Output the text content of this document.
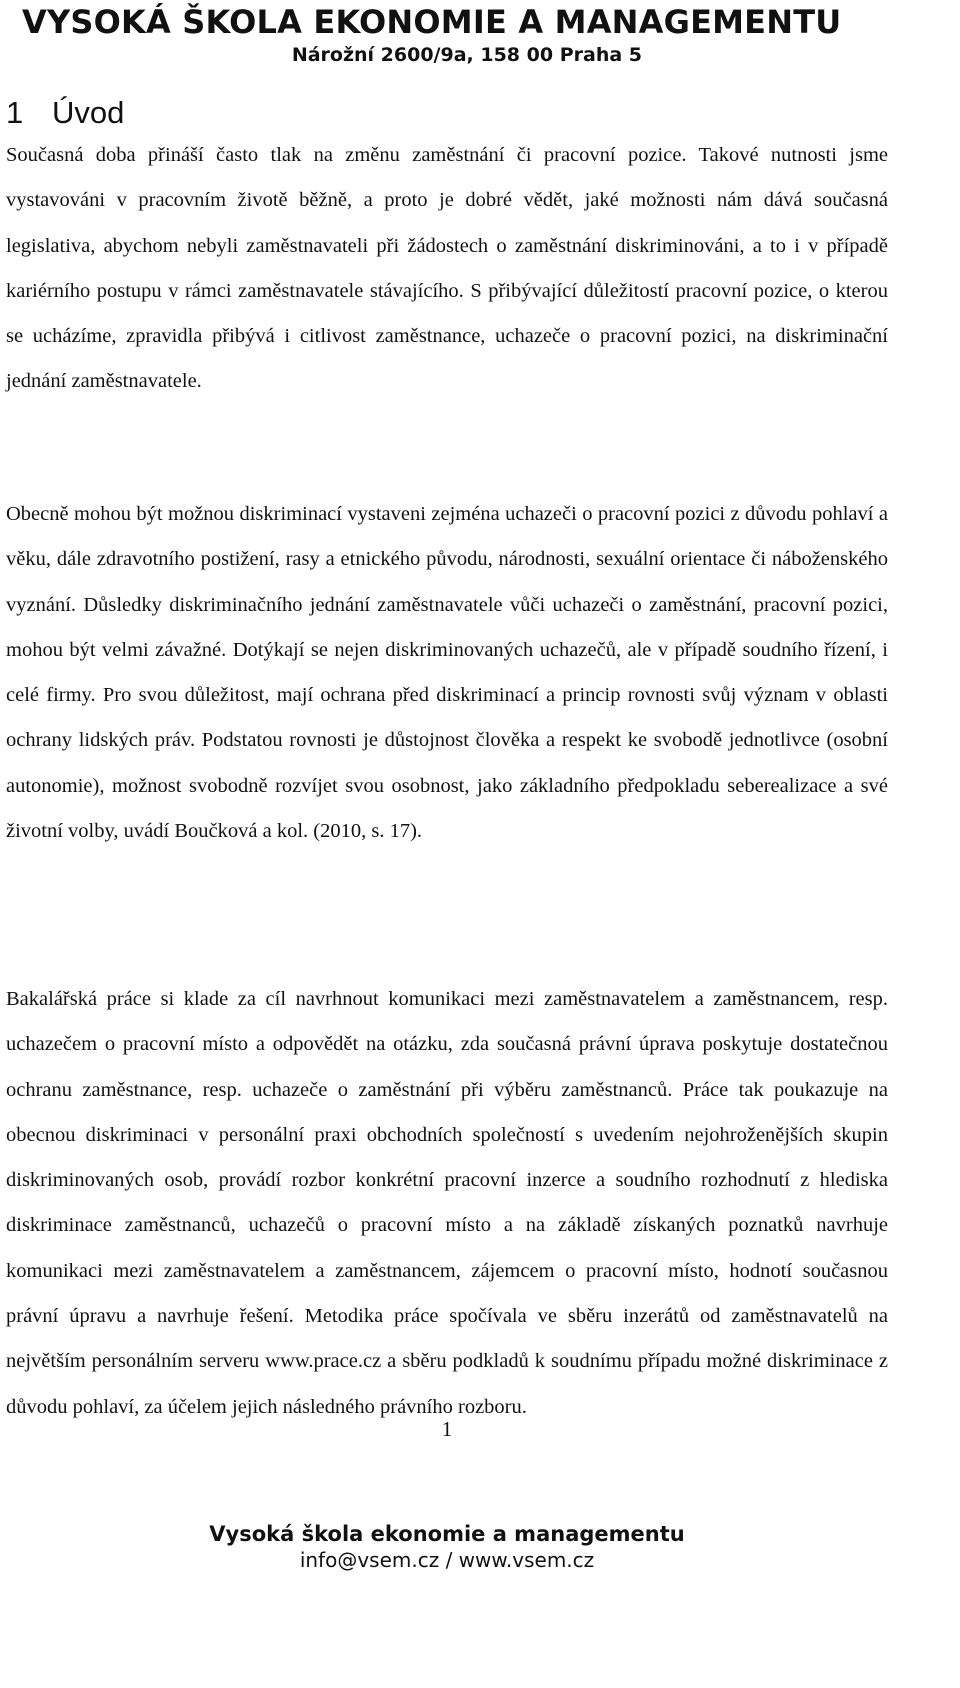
VYSOKÁ ŠKOLA EKONOMIE A MANAGEMENTU
Nárožní 2600/9a, 158 00 Praha 5
1 Úvod

Současná doba přináší často tlak na změnu zaměstnání či pracovní pozice. Takové nutnosti jsme vystavováni v pracovním životě běžně, a proto je dobré vědět, jaké možnosti nám dává současná legislativa, abychom nebyli zaměstnavateli při žádostech o zaměstnání diskriminováni, a to i v případě kariérního postupu v rámci zaměstnavatele stávajícího. S přibývající důležitostí pracovní pozice, o kterou se ucházíme, zpravidla přibývá i citlivost zaměstnance, uchazeče o pracovní pozici, na diskriminační jednání zaměstnavatele.

Obecně mohou být možnou diskriminací vystaveni zejména uchazeči o pracovní pozici z důvodu pohlaví a věku, dále zdravotního postižení, rasy a etnického původu, národnosti, sexuální orientace či náboženského vyznání. Důsledky diskriminačního jednání zaměstnavatele vůči uchazeči o zaměstnání, pracovní pozici, mohou být velmi závažné. Dotýkají se nejen diskriminovaných uchazečů, ale v případě soudního řízení, i celé firmy. Pro svou důležitost, mají ochrana před diskriminací a princip rovnosti svůj význam v oblasti ochrany lidských práv. Podstatou rovnosti je důstojnost člověka a respekt ke svobodě jednotlivce (osobní autonomie), možnost svobodně rozvíjet svou osobnost, jako základního předpokladu seberealizace a své životní volby, uvádí Boučková a kol. (2010, s. 17).

Bakalářská práce si klade za cíl navrhnout komunikaci mezi zaměstnavatelem a zaměstnancem, resp. uchazečem o pracovní místo a odpovědět na otázku, zda současná právní úprava poskytuje dostatečnou ochranu zaměstnance, resp. uchazeče o zaměstnání při výběru zaměstnanců. Práce tak poukazuje na obecnou diskriminaci v personální praxi obchodních společností s uvedením nejohroženějších skupin diskriminovaných osob, provádí rozbor konkrétní pracovní inzerce a soudního rozhodnutí z hlediska diskriminace zaměstnanců, uchazečů o pracovní místo a na základě získaných poznatků navrhuje komunikaci mezi zaměstnavatelem a zaměstnancem, zájemcem o pracovní místo, hodnotí současnou právní úpravu a navrhuje řešení. Metodika práce spočívala ve sběru inzerátů od zaměstnavatelů na největším personálním serveru www.prace.cz a sběru podkladů k soudnímu případu možné diskriminace z důvodu pohlaví, za účelem jejich následného právního rozboru.

1
Vysoká škola ekonomie a managementu
info@vsem.cz / www.vsem.cz
